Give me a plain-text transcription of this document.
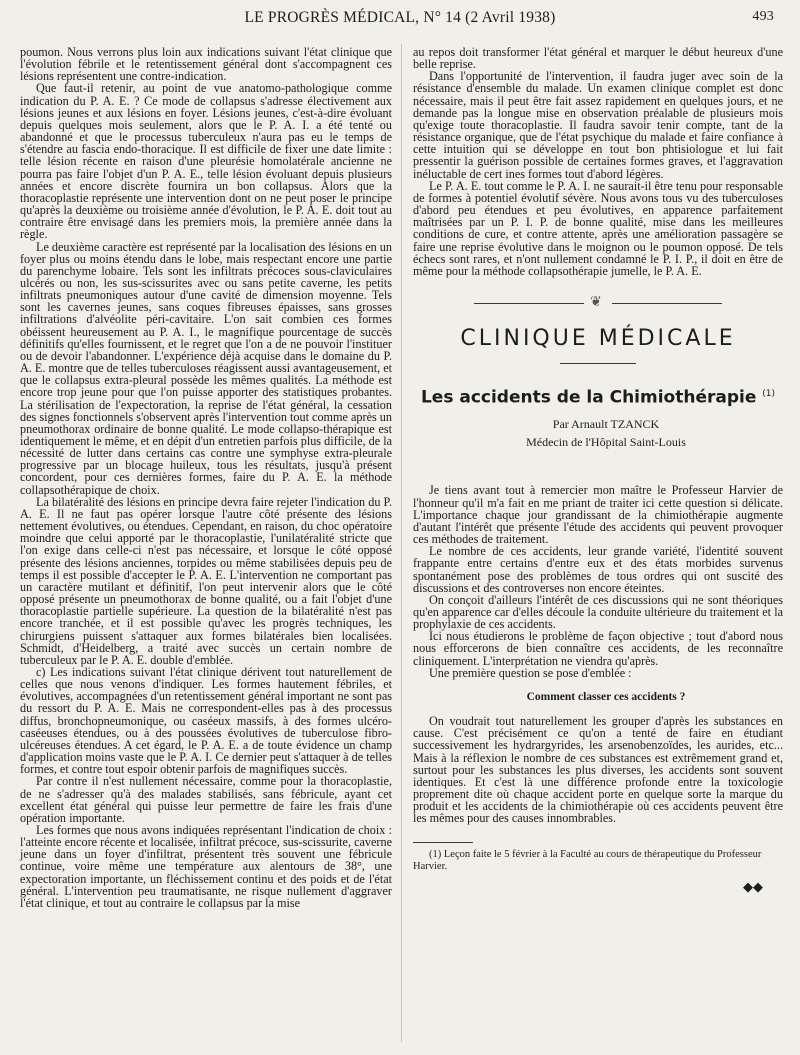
LE PROGRÈS MÉDICAL, N° 14 (2 Avril 1938)	493

poumon. Nous verrons plus loin aux indications suivant l'état clinique que l'évolution fébrile et le retentissement général dont s'accompagnent ces lésions représentent une contre-indication.

Que faut-il retenir, au point de vue anatomo-pathologique comme indication du P. A. E. ? Ce mode de collapsus s'adresse électivement aux lésions jeunes et aux lésions en foyer. Lésions jeunes, c'est-à-dire évoluant depuis quelques mois seulement, alors que le P. A. I. a été tenté ou abandonné et que le processus tuberculeux n'aura pas eu le temps de s'étendre au fascia endo-thoracique. Il est difficile de fixer une date limite : telle lésion récente en raison d'une pleurésie homolatérale ancienne ne pourra pas faire l'objet d'un P. A. E., telle lésion évoluant depuis plusieurs années et encore discrète fournira un bon collapsus. Alors que la thoracoplastie représente une intervention dont on ne peut poser le principe qu'après la deuxième ou troisième année d'évolution, le P. A. E. doit tout au contraire être envisagé dans les premiers mois, la première année dans la règle.

Le deuxième caractère est représenté par la localisation des lésions en un foyer plus ou moins étendu dans le lobe, mais respectant encore une partie du parenchyme lobaire. Tels sont les infiltrats précoces sous-claviculaires ulcérés ou non, les sus-scissurites avec ou sans petite caverne, les petits infiltrats pneumoniques autour d'une cavité de dimension moyenne. Tels sont les cavernes jeunes, sans coques fibreuses épaisses, sans grosses infiltrations d'alvéolite péri-cavitaire. L'on sait combien ces formes obéissent heureusement au P. A. I., le magnifique pourcentage de succès définitifs qu'elles fournissent, et le regret que l'on a de ne pouvoir l'instituer ou de devoir l'abandonner. L'expérience déjà acquise dans le domaine du P. A. E. montre que de telles tuberculoses réagissent aussi avantageusement, et que le collapsus extra-pleural possède les mêmes qualités. La méthode est encore trop jeune pour que l'on puisse apporter des statistiques probantes. La stérilisation de l'expectoration, la reprise de l'état général, la cessation des signes fonctionnels s'observent après l'intervention tout comme après un pneumothorax ordinaire de bonne qualité. Le mode collapso-thérapique est identiquement le même, et en dépit d'un entretien parfois plus difficile, de la nécessité de lutter dans certains cas contre une symphyse extra-pleurale progressive par un blocage huileux, tous les résultats, jusqu'à présent concordent, pour ces dernières formes, faire du P. A. E. la méthode collapsothérapique de choix.

La bilatéralité des lésions en principe devra faire rejeter l'indication du P. A. E. Il ne faut pas opérer lorsque l'autre côté présente des lésions nettement évolutives, ou étendues. Cependant, en raison, du choc opératoire moindre que celui apporté par le thoracoplastie, l'unilatéralité stricte que l'on exige dans celle-ci n'est pas nécessaire, et lorsque le côté opposé présente des lésions anciennes, torpides ou même stabilisées depuis peu de temps il est possible d'accepter le P. A. E. L'intervention ne comportant pas un caractère mutilant et définitif, l'on peut intervenir alors que le côté opposé présente un pneumothorax de bonne qualité, ou a fait l'objet d'une thoracoplastie partielle supérieure. La question de la bilatéralité n'est pas encore tranchée, et il est possible qu'avec les progrès techniques, les chirurgiens puissent s'attaquer aux formes bilatérales bien localisées. Schmidt, d'Heidelberg, a traité avec succès un certain nombre de tuberculeux par le P. A. E. double d'emblée.

c) Les indications suivant l'état clinique dérivent tout naturellement de celles que nous venons d'indiquer. Les formes hautement fébriles, et évolutives, accompagnées d'un retentissement général important ne sont pas du ressort du P. A. E. Mais ne correspondent-elles pas à des processus diffus, bronchopneumonique, ou caséeux massifs, à des formes ulcéro-caséeuses étendues, ou à des poussées évolutives de tuberculose fibro-ulcéreuses étendues. A cet égard, le P. A. E. a de toute évidence un champ d'application moins vaste que le P. A. I. Ce dernier peut s'attaquer à de telles formes, et contre tout espoir obtenir parfois de magnifiques succès.

Par contre il n'est nullement nécessaire, comme pour la thoracoplastie, de ne s'adresser qu'à des malades stabilisés, sans fébricule, ayant cet excellent état général qui puisse leur permettre de faire les frais d'une opération importante.

Les formes que nous avons indiquées représentant l'indication de choix : l'atteinte encore récente et localisée, infiltrat précoce, sus-scissurite, caverne jeune dans un foyer d'infiltrat, présentent très souvent une fébricule continue, voire même une température aux alentours de 38°, une expectoration importante, un fléchissement continu et des poids et de l'état général. L'intervention peu traumatisante, ne risque nullement d'aggraver l'état clinique, et tout au contraire le collapsus par la mise

au repos doit transformer l'état général et marquer le début heureux d'une belle reprise.

Dans l'opportunité de l'intervention, il faudra juger avec soin de la résistance d'ensemble du malade. Un examen clinique complet est donc nécessaire, mais il peut être fait assez rapidement en quelques jours, et ne demande pas la longue mise en observation préalable de plusieurs mois qu'exige toute thoracoplastie. Il faudra savoir tenir compte, tant de la résistance organique, que de l'état psychique du malade et faire confiance à cette intuition qui se développe en tout bon phtisiologue et lui fait pressentir la guérison possible de certaines formes graves, et l'aggravation inéluctable de cert ines formes tout d'abord légères.

Le P. A. E. tout comme le P. A. I. ne saurait-il être tenu pour responsable de formes à potentiel évolutif sévère. Nous avons tous vu des tuberculoses d'abord peu étendues et peu évolutives, en apparence parfaitement maîtrisées par un P. I. P. de bonne qualité, mise dans les meilleures conditions de cure, et contre attente, après une amélioration passagère se faire une reprise évolutive dans le moignon ou le poumon opposé. De tels échecs sont rares, et n'ont nullement condamné le P. I. P., il doit en être de même pour la méthode collapsothérapie jumelle, le P. A. E.

❦
CLINIQUE MÉDICALE
Les accidents de la Chimiothérapie $^{(1)}$

Par Arnault TZANCK

Médecin de l'Hôpital Saint-Louis

Je tiens avant tout à remercier mon maître le Professeur Harvier de l'honneur qu'il m'a fait en me priant de traiter ici cette question si délicate. L'importance chaque jour grandissant de la chimiothérapie augmente d'autant l'intérêt que présente l'étude des accidents qui peuvent provoquer ces méthodes de traitement.

Le nombre de ces accidents, leur grande variété, l'identité souvent frappante entre certains d'entre eux et des états morbides survenus spontanément pose des problèmes de tous ordres qui ont suscité des discussions et des controverses non encore éteintes.

On conçoit d'ailleurs l'intérêt de ces discussions qui ne sont théoriques qu'en apparence car d'elles découle la conduite ultérieure du traitement et la prophylaxie de ces accidents.

Ici nous étudierons le problème de façon objective ; tout d'abord nous nous efforcerons de bien connaître ces accidents, de les reconnaître cliniquement. L'interprétation ne viendra qu'après.

Une première question se pose d'emblée :

Comment classer ces accidents ?

On voudrait tout naturellement les grouper d'après les substances en cause. C'est précisément ce qu'on a tenté de faire en étudiant successivement les hydrargyrides, les arsenobenzoïdes, les aurides, etc... Mais à la réflexion le nombre de ces substances est extrêmement grand et, surtout pour les substances les plus diverses, les accidents sont souvent identiques. Et c'est là une différence profonde entre la toxicologie proprement dite où chaque accident porte en quelque sorte la marque du produit et les accidents de la chimiothérapie où ces accidents peuvent être les mêmes pour des causes innombrables.

(1) Leçon faite le 5 février à la Faculté au cours de thérapeutique du Professeur Harvier.

◆◆
